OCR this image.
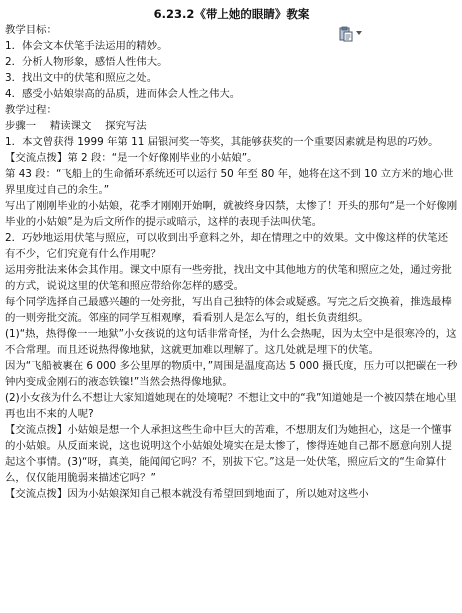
6.23.2《带上她的眼睛》教案

教学目标：

1．体会文本伏笔手法运用的精妙。

2．分析人物形象，感悟人性伟大。

3．找出文中的伏笔和照应之处。

4．感受小姑娘崇高的品质，进而体会人性之伟大。

教学过程：

步骤一　 精读课文　 探究写法

1．本文曾获得 1999 年第 11 届银河奖一等奖，其能够获奖的一个重要因素就是构思的巧妙。

【交流点拨】第 2 段：“是一个好像刚毕业的小姑娘”。

第 43 段：“飞船上的生命循环系统还可以运行 50 年至 80 年，她将在这不到 10 立方米的地心世界里度过自己的余生。”

写出了刚刚毕业的小姑娘，花季才刚刚开始啊，就被终身囚禁，太惨了！开头的那句“是一个好像刚毕业的小姑娘”是为后文所作的提示或暗示，这样的表现手法叫伏笔。

2．巧妙地运用伏笔与照应，可以收到出乎意料之外，却在情理之中的效果。文中像这样的伏笔还有不少，它们究竟有什么作用呢？

运用旁批法来体会其作用。课文中原有一些旁批，找出文中其他地方的伏笔和照应之处，通过旁批的方式，说说这里的伏笔和照应带给你怎样的感受。

每个同学选择自己最感兴趣的一处旁批，写出自己独特的体会或疑惑。写完之后交换着，推选最棒的一则旁批交流。邻座的同学互相观摩，看看别人是怎么写的，组长负责组织。

(1)“热，热得像一一地狱”小女孩说的这句话非常奇怪，为什么会热呢，因为太空中是很寒冷的，这不合常理。而且还说热得像地狱，这就更加难以理解了。这几处就是埋下的伏笔。

因为“飞船被裹在 6 000 多公里厚的物质中，”周围是温度高达 5 000 摄氏度，压力可以把碳在一秒钟内变成金刚石的液态铁镍!”当然会热得像地狱。

(2)小女孩为什么不想让大家知道她现在的处境呢？不想让文中的“我”知道她是一个被囚禁在地心里再也出不来的人呢?

【交流点拨】小姑娘是想一个人承担这些生命中巨大的苦难，不想朋友们为她担心，这是一个懂事的小姑娘。从反面来说，这也说明这个小姑娘处境实在是太惨了，惨得连她自己都不愿意向别人提起这个事情。(3)“呀，真美，能闻闻它吗？不，别拔下它。”这是一处伏笔，照应后文的“生命算什么，仅仅能用脆弱来描述它吗？”

【交流点拨】因为小姑娘深知自己根本就没有希望回到地面了，所以她对这些小
